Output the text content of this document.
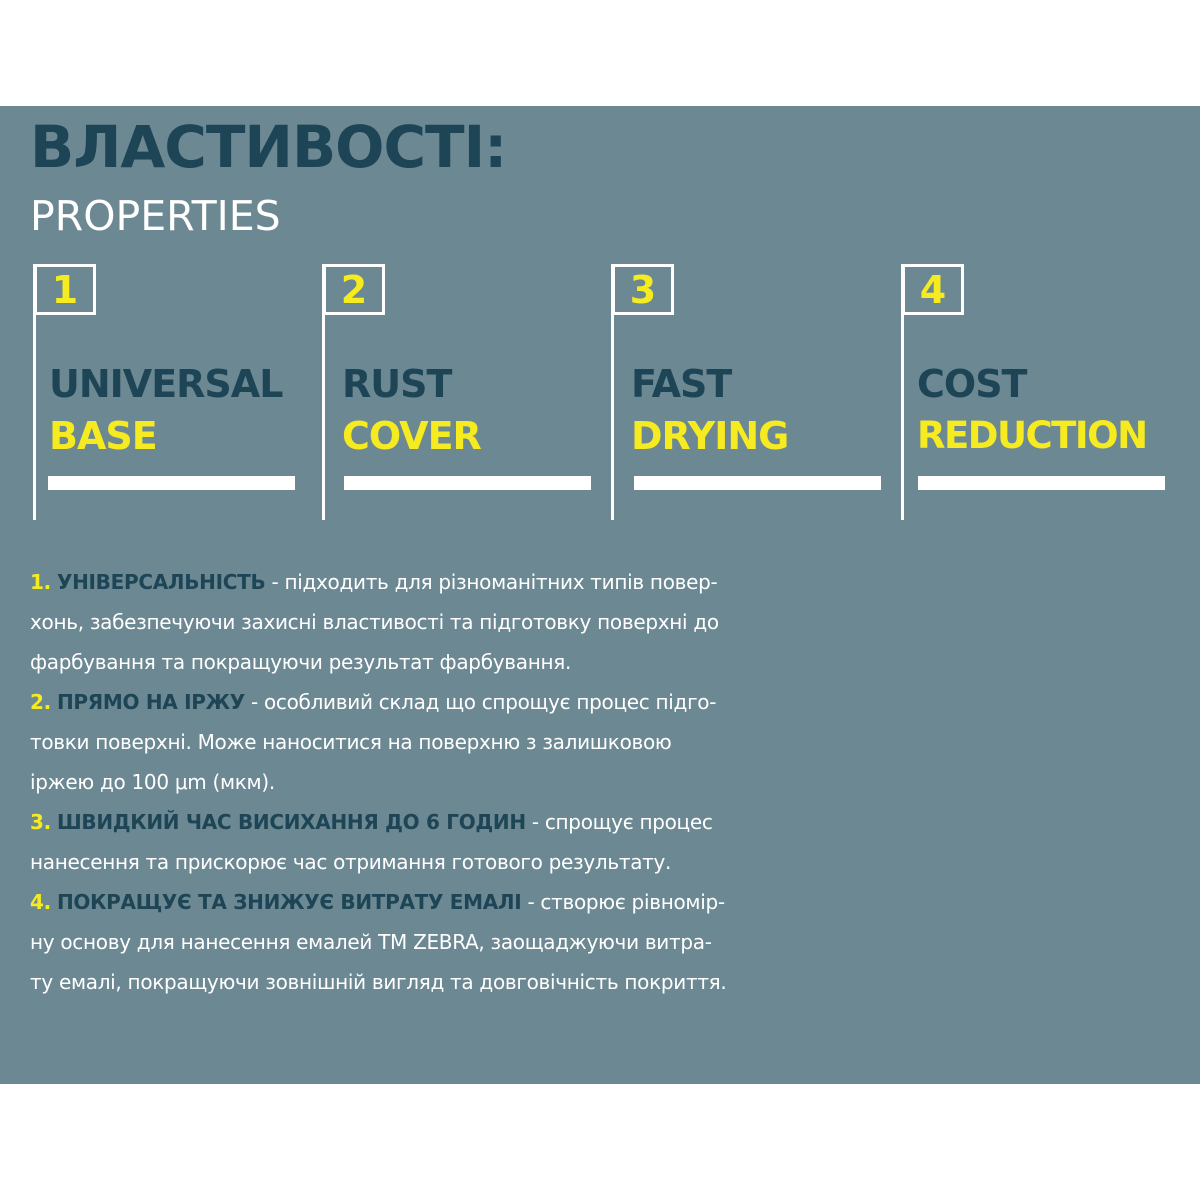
ВЛАСТИВОСТІ:
PROPERTIES
1	2	3	4
UNIVERSAL
BASE
RUST
COVER
FAST
DRYING
COST
REDUCTION
1. УНІВЕРСАЛЬНІСТЬ - підходить для різноманітних типів повер-
хонь, забезпечуючи захисні властивості та підготовку поверхні до
фарбування та покращуючи результат фарбування.
2. ПРЯМО НА ІРЖУ - особливий склад що спрощує процес підго-
товки поверхні. Може наноситися на поверхню з залишковою
іржею до 100 μm (мкм).
3. ШВИДКИЙ ЧАС ВИСИХАННЯ ДО 6 ГОДИН - спрощує процес
нанесення та прискорює час отримання готового результату.
4. ПОКРАЩУЄ ТА ЗНИЖУЄ ВИТРАТУ ЕМАЛІ - створює рівномір-
ну основу для нанесення емалей ТМ ZEBRA, заощаджуючи витра-
ту емалі, покращуючи зовнішній вигляд та довговічність покриття.
